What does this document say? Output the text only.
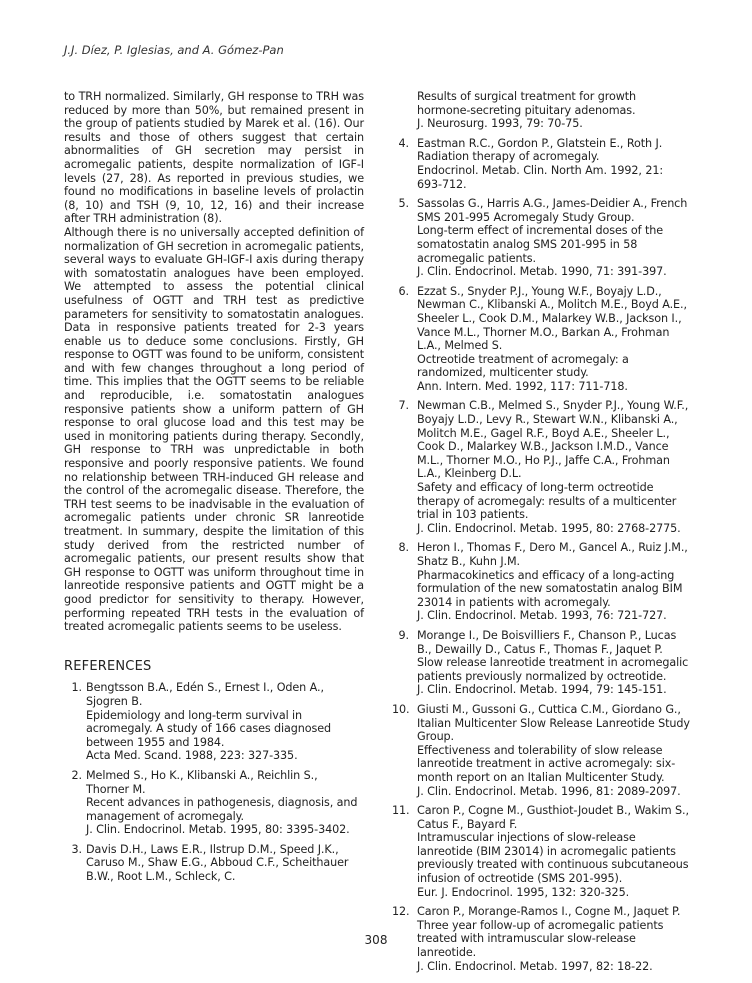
J.J. Díez, P. Iglesias, and A. Gómez-Pan

to TRH normalized. Similarly, GH response to TRH was reduced by more than 50%, but remained present in the group of patients studied by Marek et al. (16). Our results and those of others suggest that certain abnormalities of GH secretion may persist in acromegalic patients, despite normalization of IGF-I levels (27, 28). As reported in previous studies, we found no modifications in baseline levels of prolactin (8, 10) and TSH (9, 10, 12, 16) and their increase after TRH administration (8).

Although there is no universally accepted definition of normalization of GH secretion in acromegalic patients, several ways to evaluate GH-IGF-I axis during therapy with somatostatin analogues have been employed. We attempted to assess the potential clinical usefulness of OGTT and TRH test as predictive parameters for sensitivity to somatostatin analogues. Data in responsive patients treated for 2-3 years enable us to deduce some conclusions. Firstly, GH response to OGTT was found to be uniform, consistent and with few changes throughout a long period of time. This implies that the OGTT seems to be reliable and reproducible, i.e. somatostatin analogues responsive patients show a uniform pattern of GH response to oral glucose load and this test may be used in monitoring patients during therapy. Secondly, GH response to TRH was unpredictable in both responsive and poorly responsive patients. We found no relationship between TRH-induced GH release and the control of the acromegalic disease. Therefore, the TRH test seems to be inadvisable in the evaluation of acromegalic patients under chronic SR lanreotide treatment. In summary, despite the limitation of this study derived from the restricted number of acromegalic patients, our present results show that GH response to OGTT was uniform throughout time in lanreotide responsive patients and OGTT might be a good predictor for sensitivity to therapy. However, performing repeated TRH tests in the evaluation of treated acromegalic patients seems to be useless.

REFERENCES
1. Bengtsson B.A., Edén S., Ernest I., Oden A., Sjogren B.
Epidemiology and long-term survival in acromegaly. A study of 166 cases diagnosed between 1955 and 1984.
Acta Med. Scand. 1988, 223: 327-335.
2. Melmed S., Ho K., Klibanski A., Reichlin S., Thorner M.
Recent advances in pathogenesis, diagnosis, and management of acromegaly.
J. Clin. Endocrinol. Metab. 1995, 80: 3395-3402.
3. Davis D.H., Laws E.R., Ilstrup D.M., Speed J.K., Caruso M., Shaw E.G., Abboud C.F., Scheithauer B.W., Root L.M., Schleck, C.
Results of surgical treatment for growth hormone-secreting pituitary adenomas.
J. Neurosurg. 1993, 79: 70-75.
4. Eastman R.C., Gordon P., Glatstein E., Roth J.
Radiation therapy of acromegaly.
Endocrinol. Metab. Clin. North Am. 1992, 21: 693-712.
5. Sassolas G., Harris A.G., James-Deidier A., French SMS 201-995 Acromegaly Study Group.
Long-term effect of incremental doses of the somatostatin analog SMS 201-995 in 58 acromegalic patients.
J. Clin. Endocrinol. Metab. 1990, 71: 391-397.
6. Ezzat S., Snyder P.J., Young W.F., Boyajy L.D., Newman C., Klibanski A., Molitch M.E., Boyd A.E., Sheeler L., Cook D.M., Malarkey W.B., Jackson I., Vance M.L., Thorner M.O., Barkan A., Frohman L.A., Melmed S.
Octreotide treatment of acromegaly: a randomized, multicenter study.
Ann. Intern. Med. 1992, 117: 711-718.
7. Newman C.B., Melmed S., Snyder P.J., Young W.F., Boyajy L.D., Levy R., Stewart W.N., Klibanski A., Molitch M.E., Gagel R.F., Boyd A.E., Sheeler L., Cook D., Malarkey W.B., Jackson I.M.D., Vance M.L., Thorner M.O., Ho P.J., Jaffe C.A., Frohman L.A., Kleinberg D.L.
Safety and efficacy of long-term octreotide therapy of acromegaly: results of a multicenter trial in 103 patients.
J. Clin. Endocrinol. Metab. 1995, 80: 2768-2775.
8. Heron I., Thomas F., Dero M., Gancel A., Ruiz J.M., Shatz B., Kuhn J.M.
Pharmacokinetics and efficacy of a long-acting formulation of the new somatostatin analog BIM 23014 in patients with acromegaly.
J. Clin. Endocrinol. Metab. 1993, 76: 721-727.
9. Morange I., De Boisvilliers F., Chanson P., Lucas B., Dewailly D., Catus F., Thomas F., Jaquet P.
Slow release lanreotide treatment in acromegalic patients previously normalized by octreotide.
J. Clin. Endocrinol. Metab. 1994, 79: 145-151.
10. Giusti M., Gussoni G., Cuttica C.M., Giordano G., Italian Multicenter Slow Release Lanreotide Study Group.
Effectiveness and tolerability of slow release lanreotide treatment in active acromegaly: six-month report on an Italian Multicenter Study.
J. Clin. Endocrinol. Metab. 1996, 81: 2089-2097.
11. Caron P., Cogne M., Gusthiot-Joudet B., Wakim S., Catus F., Bayard F.
Intramuscular injections of slow-release lanreotide (BIM 23014) in acromegalic patients previously treated with continuous subcutaneous infusion of octreotide (SMS 201-995).
Eur. J. Endocrinol. 1995, 132: 320-325.
12. Caron P., Morange-Ramos I., Cogne M., Jaquet P.
Three year follow-up of acromegalic patients treated with intramuscular slow-release lanreotide.
J. Clin. Endocrinol. Metab. 1997, 82: 18-22.
308
